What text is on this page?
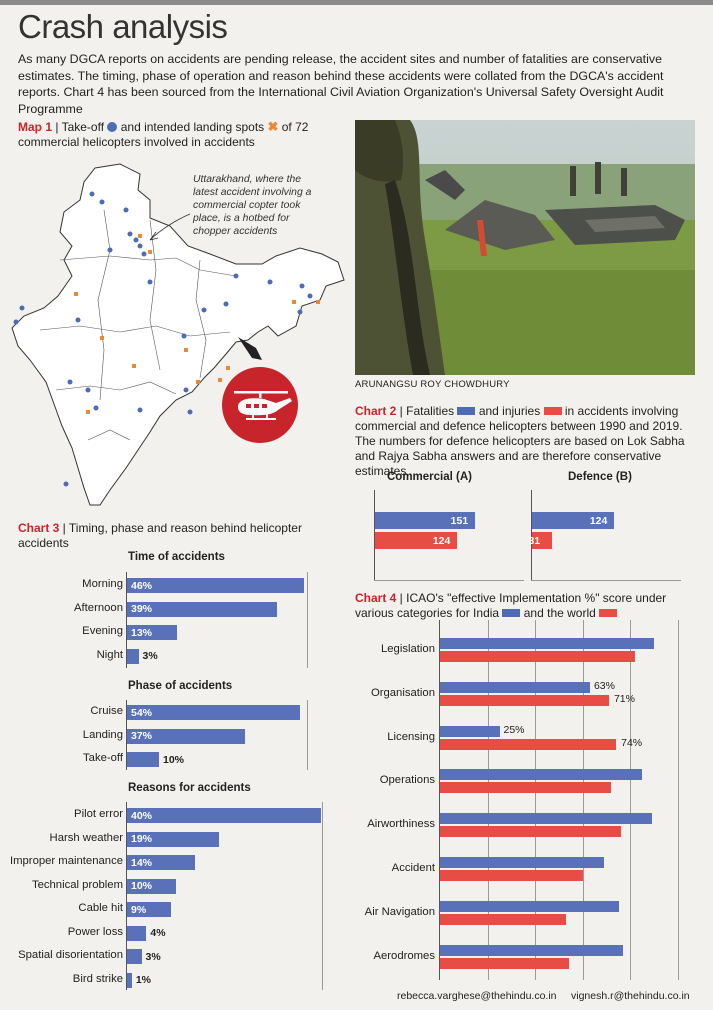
Crash analysis
As many DGCA reports on accidents are pending release, the accident sites and number of fatalities are conservative estimates. The timing, phase of operation and reason behind these accidents were collated from the DGCA's accident reports. Chart 4 has been sourced from the International Civil Aviation Organization's Universal Safety Oversight Audit Programme
Map 1 | Take-off  and intended landing spots ✖ of 72 commercial helicopters involved in accidents
Uttarakhand, where the latest accident involving a commercial copter took place, is a hotbed for chopper accidents
ARUNANGSU ROY CHOWDHURY
Chart 2 | Fatalities  and injuries  in accidents involving commercial and defence helicopters between 1990 and 2019. The numbers for defence helicopters are based on Lok Sabha and Rajya Sabha answers and are therefore conservative estimates
Commercial (A)	Defence (B)
151
124
124
31
Chart 3 | Timing, phase and reason behind helicopter accidents
Time of accidents
Phase of accidents
Reasons for accidents
Morning 46%
Afternoon 39%
Evening 13%
Night 3%
Cruise 54%
Landing 37%
Take-off	10%
Pilot error 40%
Harsh weather 19%
Improper maintenance 14%
Technical problem 10%
Cable hit 9%
Power loss	4%
Spatial disorientation 3%
Bird strike 1%
Chart 4 | ICAO's "effective Implementation %" score under various categories for India  and the world
Legislation
Organisation
63%
71%
Licensing
25%
74%
Operations
Airworthiness
Accident
Air Navigation
Aerodromes
rebecca.varghese@thehindu.co.in vignesh.r@thehindu.co.in
